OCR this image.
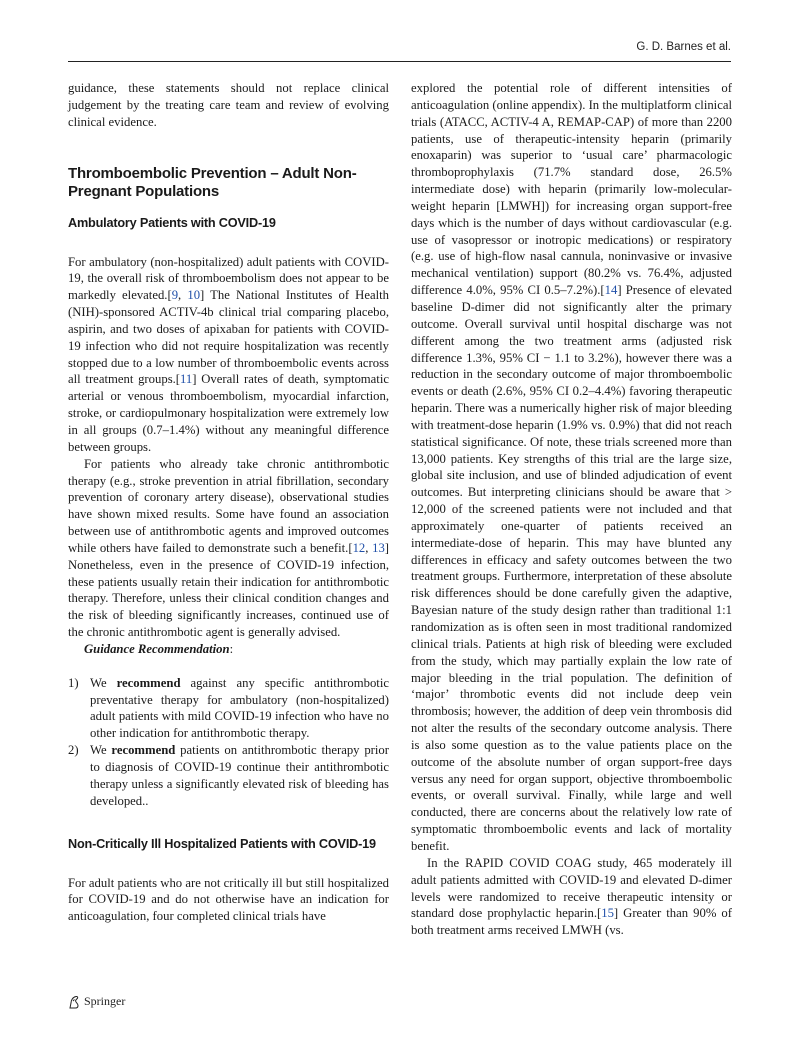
G. D. Barnes et al.

guidance, these statements should not replace clinical judgement by the treating care team and review of evolving clinical evidence.

Thromboembolic Prevention – Adult Non-Pregnant Populations
Ambulatory Patients with COVID-19

For ambulatory (non-hospitalized) adult patients with COVID-19, the overall risk of thromboembolism does not appear to be markedly elevated.[9, 10] The National Institutes of Health (NIH)-sponsored ACTIV-4b clinical trial comparing placebo, aspirin, and two doses of apixaban for patients with COVID-19 infection who did not require hospitalization was recently stopped due to a low number of thromboembolic events across all treatment groups.[11] Overall rates of death, symptomatic arterial or venous thromboembolism, myocardial infarction, stroke, or cardiopulmonary hospitalization were extremely low in all groups (0.7–1.4%) without any meaningful difference between groups.

For patients who already take chronic antithrombotic therapy (e.g., stroke prevention in atrial fibrillation, secondary prevention of coronary artery disease), observational studies have shown mixed results. Some have found an association between use of antithrombotic agents and improved outcomes while others have failed to demonstrate such a benefit.[12, 13] Nonetheless, even in the presence of COVID-19 infection, these patients usually retain their indication for antithrombotic therapy. Therefore, unless their clinical condition changes and the risk of bleeding significantly increases, continued use of the chronic antithrombotic agent is generally advised.

Guidance Recommendation:

1) We recommend against any specific antithrombotic preventative therapy for ambulatory (non-hospitalized) adult patients with mild COVID-19 infection who have no other indication for antithrombotic therapy.
2) We recommend patients on antithrombotic therapy prior to diagnosis of COVID-19 continue their antithrombotic therapy unless a significantly elevated risk of bleeding has developed..
Non-Critically Ill Hospitalized Patients with COVID-19

For adult patients who are not critically ill but still hospitalized for COVID-19 and do not otherwise have an indication for anticoagulation, four completed clinical trials have

explored the potential role of different intensities of anticoagulation (online appendix). In the multiplatform clinical trials (ATACC, ACTIV-4 A, REMAP-CAP) of more than 2200 patients, use of therapeutic-intensity heparin (primarily enoxaparin) was superior to ‘usual care’ pharmacologic thromboprophylaxis (71.7% standard dose, 26.5% intermediate dose) with heparin (primarily low-molecular-weight heparin [LMWH]) for increasing organ support-free days which is the number of days without cardiovascular (e.g. use of vasopressor or inotropic medications) or respiratory (e.g. use of high-flow nasal cannula, noninvasive or invasive mechanical ventilation) support (80.2% vs. 76.4%, adjusted difference 4.0%, 95% CI 0.5–7.2%).[14] Presence of elevated baseline D-dimer did not significantly alter the primary outcome. Overall survival until hospital discharge was not different among the two treatment arms (adjusted risk difference 1.3%, 95% CI − 1.1 to 3.2%), however there was a reduction in the secondary outcome of major thromboembolic events or death (2.6%, 95% CI 0.2–4.4%) favoring therapeutic heparin. There was a numerically higher risk of major bleeding with treatment-dose heparin (1.9% vs. 0.9%) that did not reach statistical significance. Of note, these trials screened more than 13,000 patients. Key strengths of this trial are the large size, global site inclusion, and use of blinded adjudication of event outcomes. But interpreting clinicians should be aware that > 12,000 of the screened patients were not included and that approximately one-quarter of patients received an intermediate-dose of heparin. This may have blunted any differences in efficacy and safety outcomes between the two treatment groups. Furthermore, interpretation of these absolute risk differences should be done carefully given the adaptive, Bayesian nature of the study design rather than traditional 1:1 randomization as is often seen in most traditional randomized clinical trials. Patients at high risk of bleeding were excluded from the study, which may partially explain the low rate of major bleeding in the trial population. The definition of ‘major’ thrombotic events did not include deep vein thrombosis; however, the addition of deep vein thrombosis did not alter the results of the secondary outcome analysis. There is also some question as to the value patients place on the outcome of the absolute number of organ support-free days versus any need for organ support, objective thromboembolic events, or overall survival. Finally, while large and well conducted, there are concerns about the relatively low rate of symptomatic thromboembolic events and lack of mortality benefit.

In the RAPID COVID COAG study, 465 moderately ill adult patients admitted with COVID-19 and elevated D-dimer levels were randomized to receive therapeutic intensity or standard dose prophylactic heparin.[15] Greater than 90% of both treatment arms received LMWH (vs.

Springer
